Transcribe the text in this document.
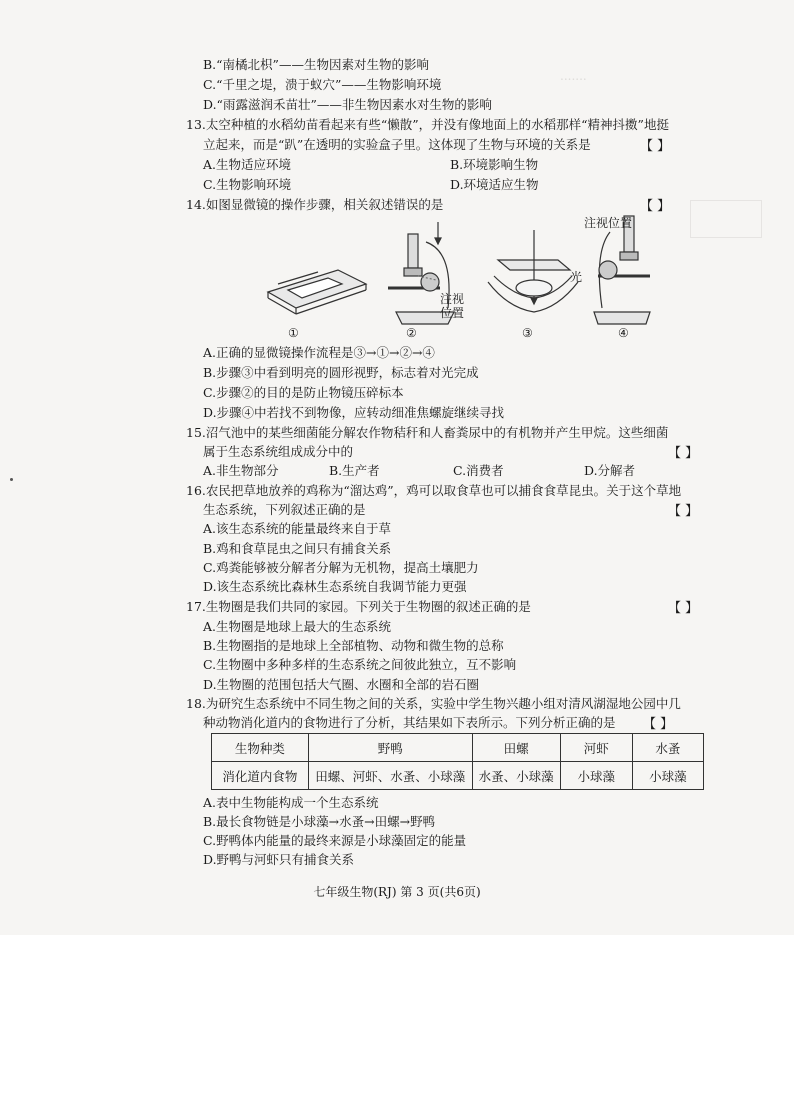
.......
B.“南橘北枳”——生物因素对生物的影响
C.“千里之堤，溃于蚁穴”——生物影响环境
D.“雨露滋润禾苗壮”——非生物因素水对生物的影响
13.太空种植的水稻幼苗看起来有些“懒散”，并没有像地面上的水稻那样“精神抖擞”地挺
立起来，而是“趴”在透明的实验盒子里。这体现了生物与环境的关系是	【 】
A.生物适应环境	B.环境影响生物
C.生物影响环境	D.环境适应生物
14.如图显微镜的操作步骤，相关叙述错误的是	【 】
①	②
注视
位置
③
光
④
注视位置
A.正确的显微镜操作流程是③→①→②→④
B.步骤③中看到明亮的圆形视野，标志着对光完成
C.步骤②的目的是防止物镜压碎标本
D.步骤④中若找不到物像，应转动细准焦螺旋继续寻找
15.沼气池中的某些细菌能分解农作物秸秆和人畜粪尿中的有机物并产生甲烷。这些细菌
属于生态系统组成成分中的	【 】
A.非生物部分	B.生产者	C.消费者	D.分解者
16.农民把草地放养的鸡称为“溜达鸡”，鸡可以取食草也可以捕食食草昆虫。关于这个草地
生态系统，下列叙述正确的是	【 】
A.该生态系统的能量最终来自于草
B.鸡和食草昆虫之间只有捕食关系
C.鸡粪能够被分解者分解为无机物，提高土壤肥力
D.该生态系统比森林生态系统自我调节能力更强
17.生物圈是我们共同的家园。下列关于生物圈的叙述正确的是	【 】
A.生物圈是地球上最大的生态系统
B.生物圈指的是地球上全部植物、动物和微生物的总称
C.生物圈中多种多样的生态系统之间彼此独立，互不影响
D.生物圈的范围包括大气圈、水圈和全部的岩石圈
18.为研究生态系统中不同生物之间的关系，实验中学生物兴趣小组对清风湖湿地公园中几
种动物消化道内的食物进行了分析，其结果如下表所示。下列分析正确的是 【 】
生物种类	野鸭	田螺	河虾	水蚤
消化道内食物	田螺、河虾、水蚤、小球藻	水蚤、小球藻	小球藻	小球藻
A.表中生物能构成一个生态系统
B.最长食物链是小球藻→水蚤→田螺→野鸭
C.野鸭体内能量的最终来源是小球藻固定的能量
D.野鸭与河虾只有捕食关系
七年级生物(RJ) 第 3 页(共6页)
